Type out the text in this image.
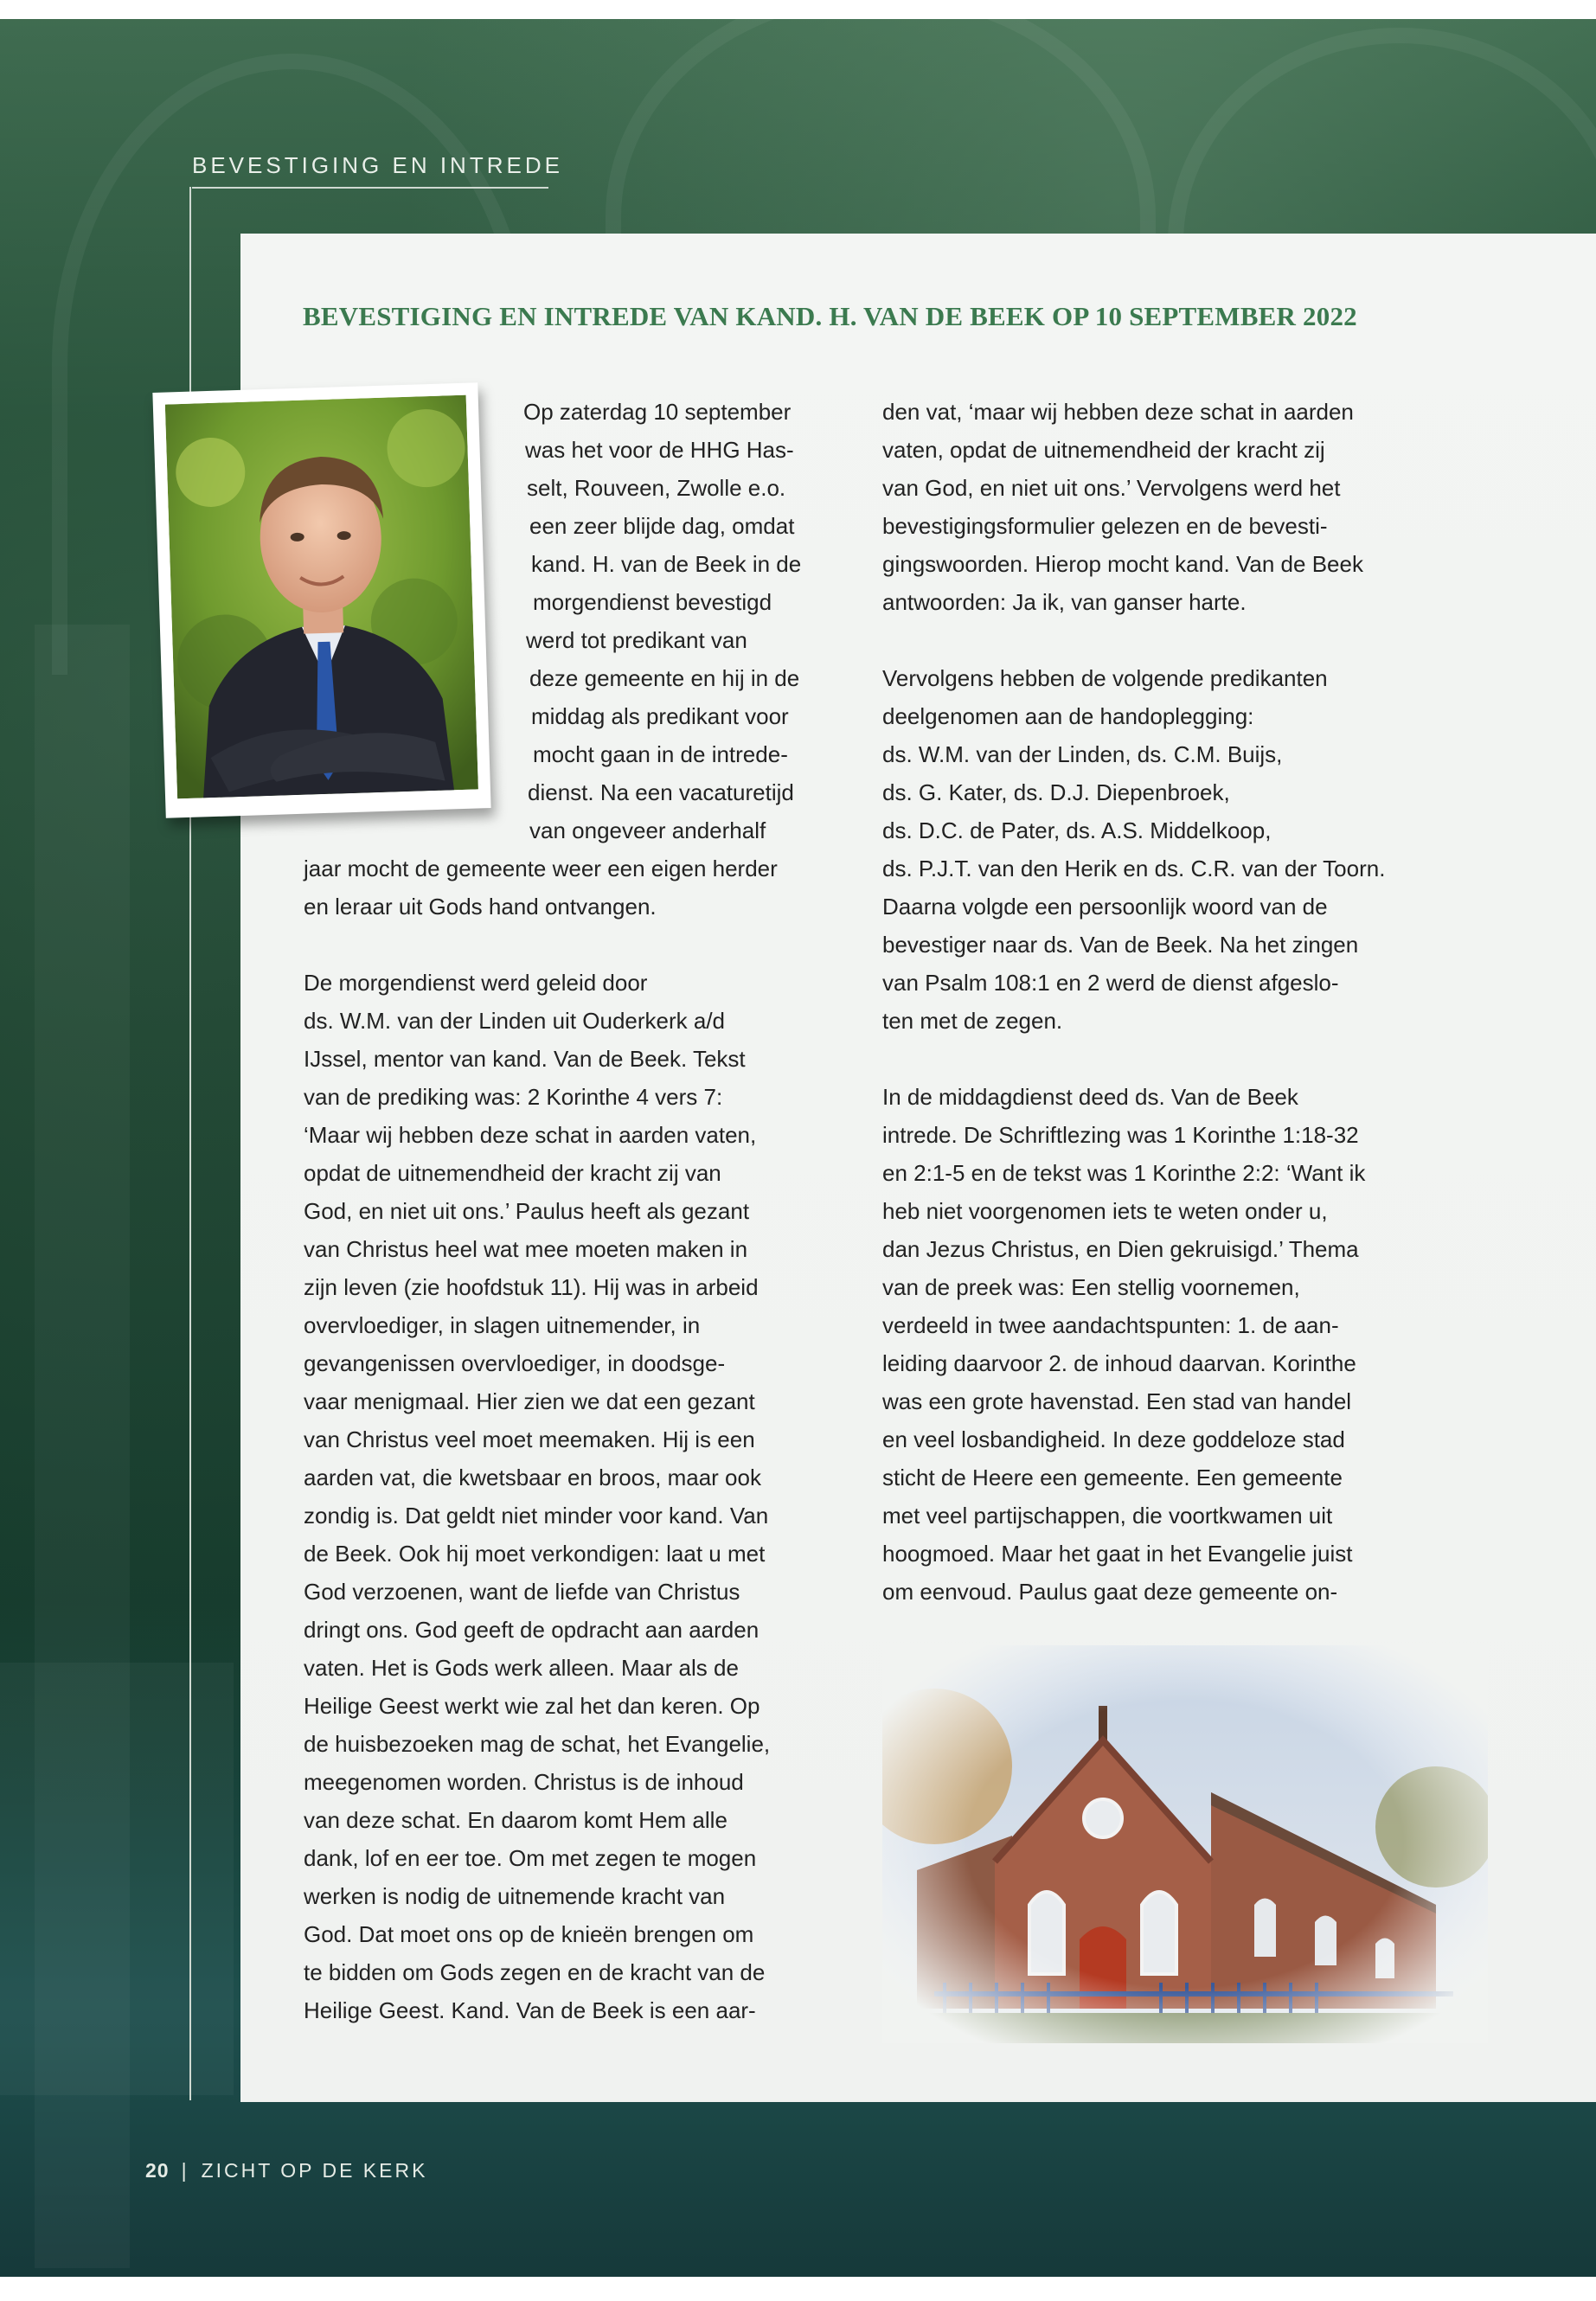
BEVESTIGING EN INTREDE
BEVESTIGING EN INTREDE VAN KAND. H. VAN DE BEEK OP 10 SEPTEMBER 2022
Op zaterdag 10 september
was het voor de HHG Has-
selt, Rouveen, Zwolle e.o.
een zeer blijde dag, omdat
kand. H. van de Beek in de
morgendienst bevestigd
werd tot predikant van
deze gemeente en hij in de
middag als predikant voor
mocht gaan in de intrede-
dienst. Na een vacaturetijd
van ongeveer anderhalf
jaar mocht de gemeente weer een eigen herder
en leraar uit Gods hand ontvangen.
De morgendienst werd geleid door
ds. W.M. van der Linden uit Ouderkerk a/d
IJssel, mentor van kand. Van de Beek. Tekst
van de prediking was: 2 Korinthe 4 vers 7:
‘Maar wij hebben deze schat in aarden vaten,
opdat de uitnemendheid der kracht zij van
God, en niet uit ons.’ Paulus heeft als gezant
van Christus heel wat mee moeten maken in
zijn leven (zie hoofdstuk 11). Hij was in arbeid
overvloediger, in slagen uitnemender, in
gevangenissen overvloediger, in doodsge-
vaar menigmaal. Hier zien we dat een gezant
van Christus veel moet meemaken. Hij is een
aarden vat, die kwetsbaar en broos, maar ook
zondig is. Dat geldt niet minder voor kand. Van
de Beek. Ook hij moet verkondigen: laat u met
God verzoenen, want de liefde van Christus
dringt ons. God geeft de opdracht aan aarden
vaten. Het is Gods werk alleen. Maar als de
Heilige Geest werkt wie zal het dan keren. Op
de huisbezoeken mag de schat, het Evangelie,
meegenomen worden. Christus is de inhoud
van deze schat. En daarom komt Hem alle
dank, lof en eer toe. Om met zegen te mogen
werken is nodig de uitnemende kracht van
God. Dat moet ons op de knieën brengen om
te bidden om Gods zegen en de kracht van de
Heilige Geest. Kand. Van de Beek is een aar-
den vat, ‘maar wij hebben deze schat in aarden
vaten, opdat de uitnemendheid der kracht zij
van God, en niet uit ons.’ Vervolgens werd het
bevestigingsformulier gelezen en de bevesti-
gingswoorden. Hierop mocht kand. Van de Beek
antwoorden: Ja ik, van ganser harte.
Vervolgens hebben de volgende predikanten
deelgenomen aan de handoplegging:
ds. W.M. van der Linden, ds. C.M. Buijs,
ds. G. Kater, ds. D.J. Diepenbroek,
ds. D.C. de Pater, ds. A.S. Middelkoop,
ds. P.J.T. van den Herik en ds. C.R. van der Toorn.
Daarna volgde een persoonlijk woord van de
bevestiger naar ds. Van de Beek. Na het zingen
van Psalm 108:1 en 2 werd de dienst afgeslo-
ten met de zegen.
In de middagdienst deed ds. Van de Beek
intrede. De Schriftlezing was 1 Korinthe 1:18-32
en 2:1-5 en de tekst was 1 Korinthe 2:2: ‘Want ik
heb niet voorgenomen iets te weten onder u,
dan Jezus Christus, en Dien gekruisigd.’ Thema
van de preek was: Een stellig voornemen,
verdeeld in twee aandachtspunten: 1. de aan-
leiding daarvoor 2. de inhoud daarvan. Korinthe
was een grote havenstad. Een stad van handel
en veel losbandigheid. In deze goddeloze stad
sticht de Heere een gemeente. Een gemeente
met veel partijschappen, die voortkwamen uit
hoogmoed. Maar het gaat in het Evangelie juist
om eenvoud. Paulus gaat deze gemeente on-
20 | ZICHT OP DE KERK
